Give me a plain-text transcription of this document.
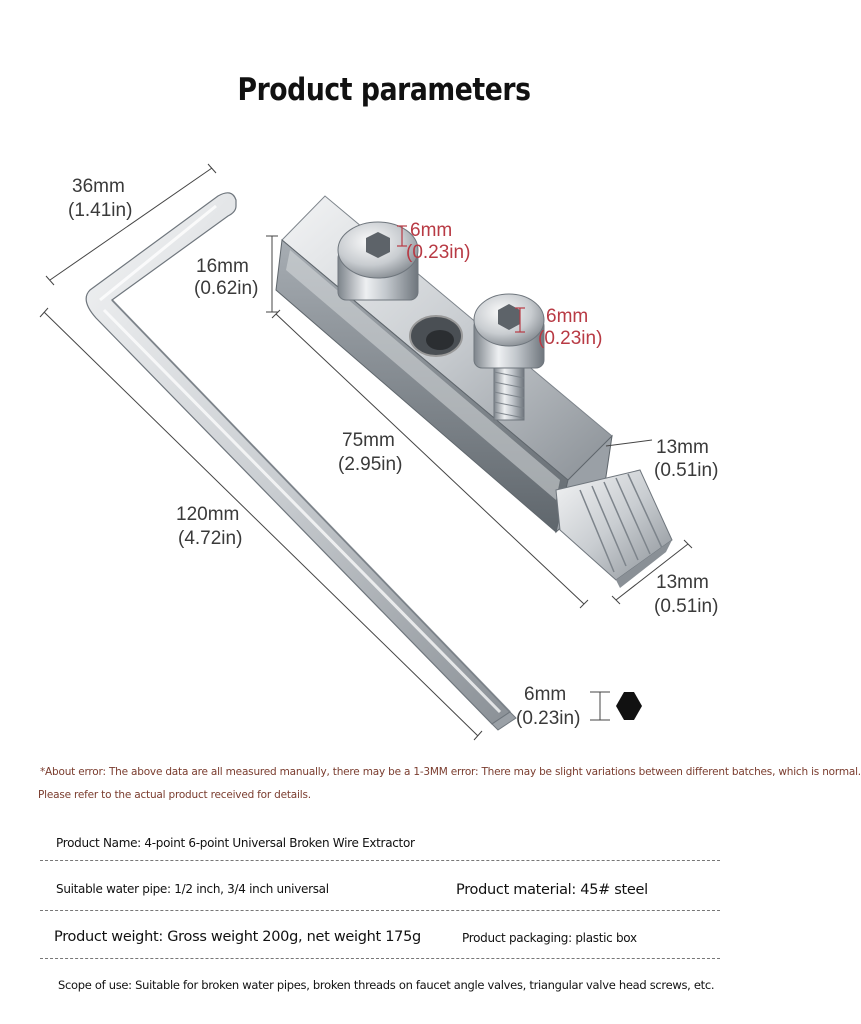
Product parameters
36mm
(1.41in)
16mm
(0.62in)
6mm
(0.23in)
6mm
(0.23in)
75mm
(2.95in)
13mm
(0.51in)
120mm
(4.72in)
13mm
(0.51in)
6mm
(0.23in)
*About error: The above data are all measured manually, there may be a 1-3MM error: There may be slight variations between different batches, which is normal.
Please refer to the actual product received for details.
Product Name: 4-point 6-point Universal Broken Wire Extractor
Suitable water pipe: 1/2 inch, 3/4 inch universal	Product material: 45# steel
Product weight: Gross weight 200g, net weight 175g	Product packaging: plastic box
Scope of use: Suitable for broken water pipes, broken threads on faucet angle valves, triangular valve head screws, etc.
